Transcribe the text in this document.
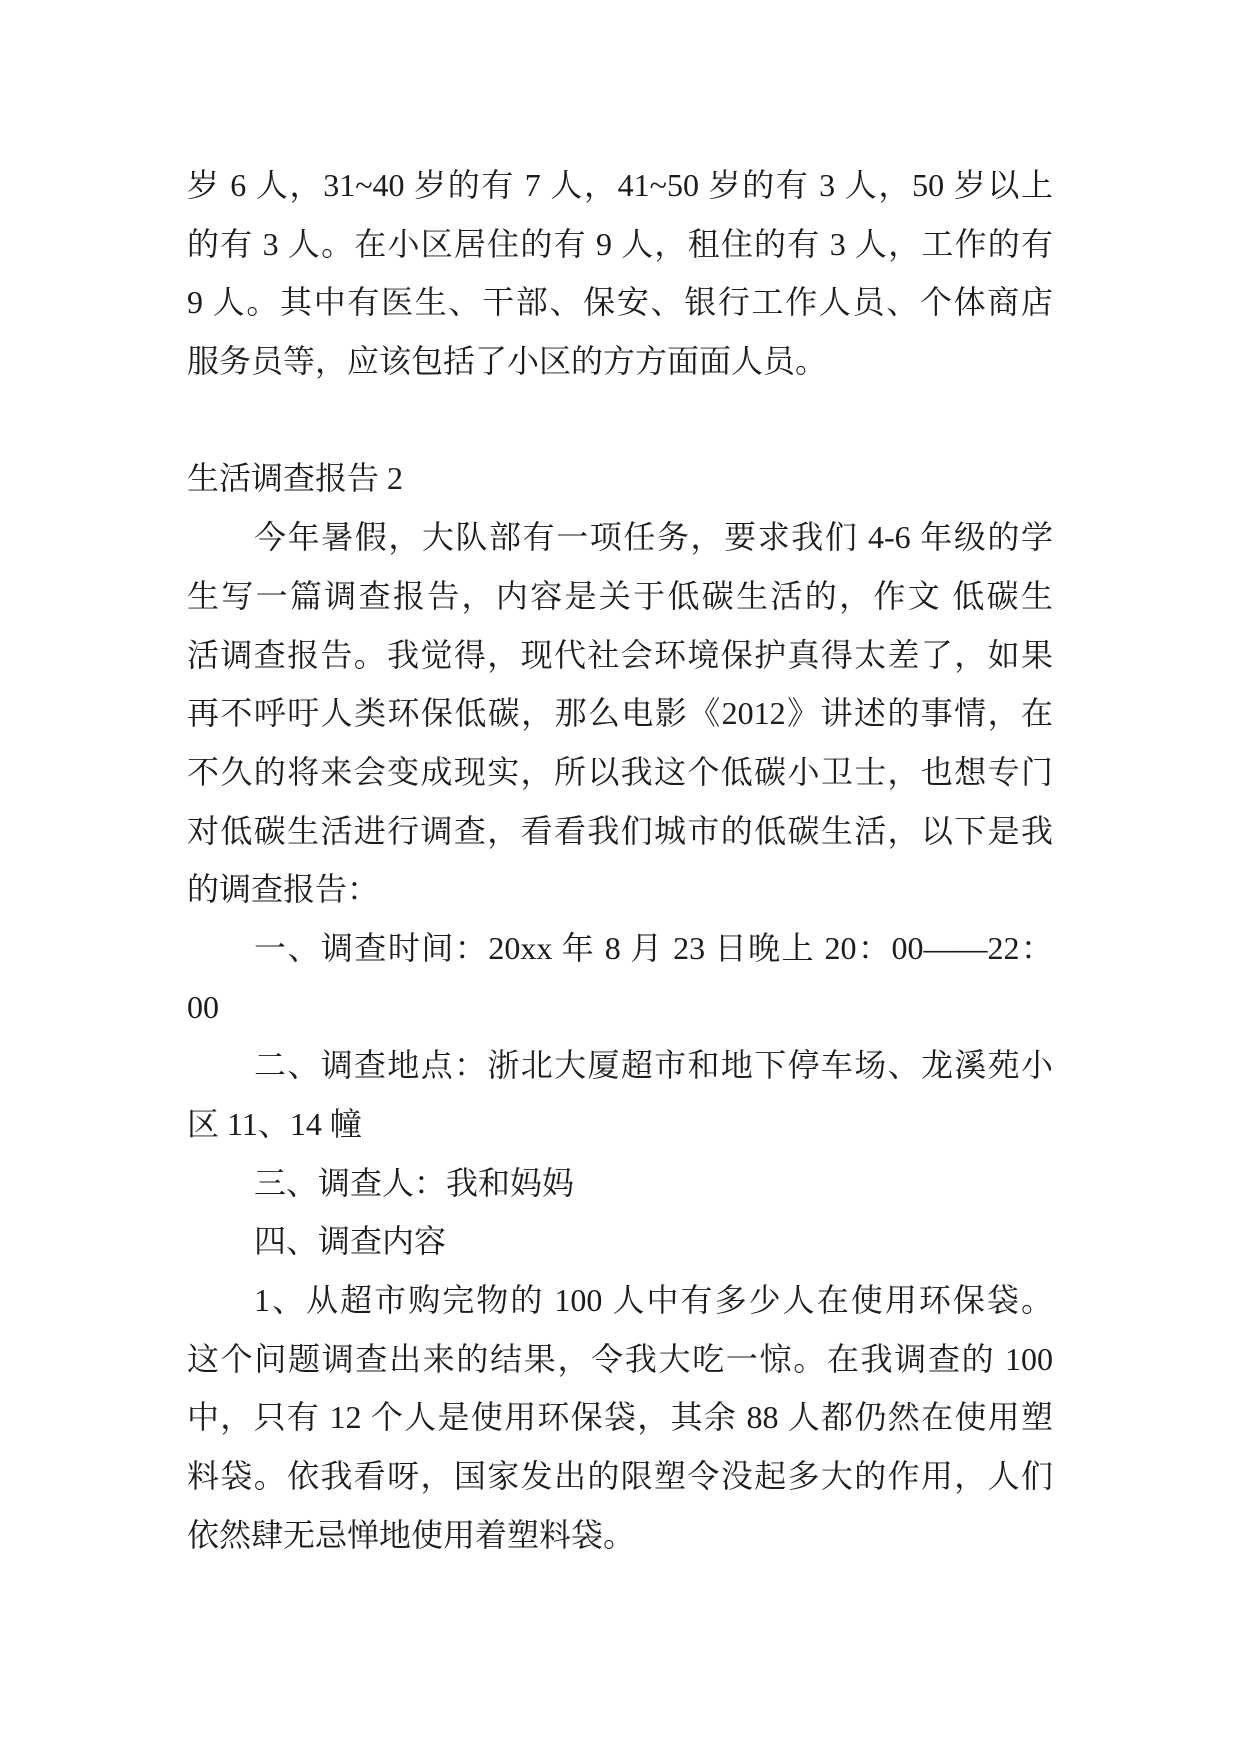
岁 6 人，31~40 岁的有 7 人，41~50 岁的有 3 人，50 岁以上
的有 3 人。在小区居住的有 9 人，租住的有 3 人，工作的有
9 人。其中有医生、干部、保安、银行工作人员、个体商店
服务员等，应该包括了小区的方方面面人员。
生活调查报告 2
今年暑假，大队部有一项任务，要求我们 4-6 年级的学
生写一篇调查报告，内容是关于低碳生活的，作文 低碳生
活调查报告。我觉得，现代社会环境保护真得太差了，如果
再不呼吁人类环保低碳，那么电影《2012》讲述的事情，在
不久的将来会变成现实，所以我这个低碳小卫士，也想专门
对低碳生活进行调查，看看我们城市的低碳生活，以下是我
的调查报告：
一、调查时间：20xx 年 8 月 23 日晚上 20：00——22：
00
二、调查地点：浙北大厦超市和地下停车场、龙溪苑小
区 11、14 幢
三、调查人：我和妈妈
四、调查内容
1、从超市购完物的 100 人中有多少人在使用环保袋。
这个问题调查出来的结果，令我大吃一惊。在我调查的 100
中，只有 12 个人是使用环保袋，其余 88 人都仍然在使用塑
料袋。依我看呀，国家发出的限塑令没起多大的作用，人们
依然肆无忌惮地使用着塑料袋。
